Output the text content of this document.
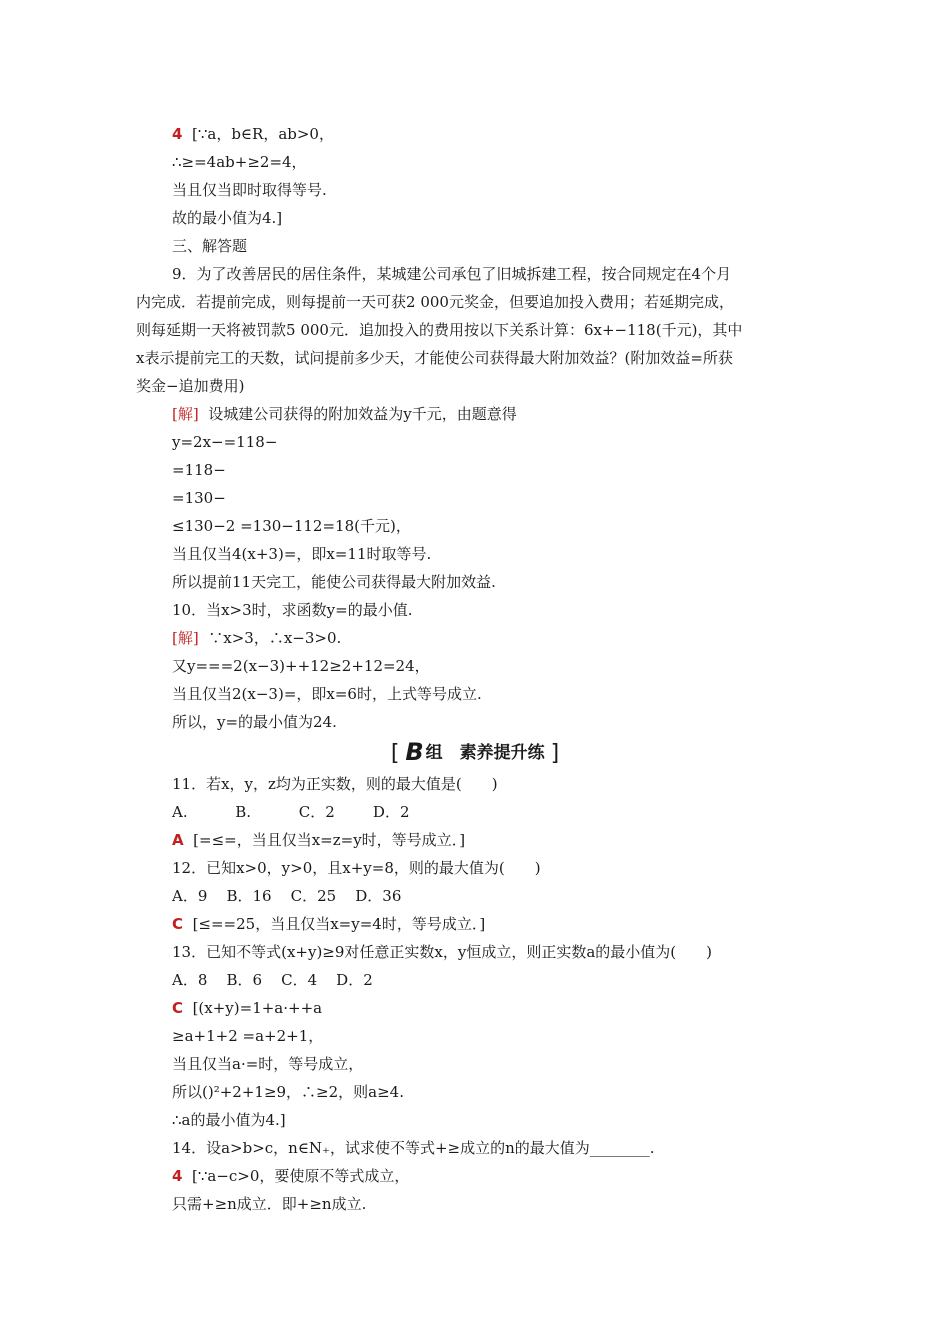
4 [∵a，b∈R，ab>0，
∴≥=4ab+≥2=4，
当且仅当即时取得等号.
故的最小值为4.]
三、解答题
9．为了改善居民的居住条件，某城建公司承包了旧城拆建工程，按合同规定在4个月
内完成．若提前完成，则每提前一天可获2 000元奖金，但要追加投入费用；若延期完成，
则每延期一天将被罚款5 000元．追加投入的费用按以下关系计算：6x+−118(千元)，其中
x表示提前完工的天数，试问提前多少天，才能使公司获得最大附加效益？(附加效益=所获
奖金−追加费用)
[解]  设城建公司获得的附加效益为y千元，由题意得
y=2x−=118−
=118−
=130−
≤130−2 =130−112=18(千元)，
当且仅当4(x+3)=，即x=11时取等号.
所以提前11天完工，能使公司获得最大附加效益.
10．当x>3时，求函数y=的最小值.
[解]  ∵x>3，∴x−3>0.
又y===2(x−3)++12≥2+12=24，
当且仅当2(x−3)=，即x=6时，上式等号成立.
所以，y=的最小值为24.
11．若x，y，z均为正实数，则的最大值是(　　)
A.          B.          C．2        D．2
A [=≤=，当且仅当x=z=y时，等号成立．]
12．已知x>0，y>0，且x+y=8，则的最大值为(　　)
A．9    B．16    C．25    D．36
C [≤==25，当且仅当x=y=4时，等号成立．]
13．已知不等式(x+y)≥9对任意正实数x，y恒成立，则正实数a的最小值为(　　)
A．8    B．6    C．4    D．2
C [(x+y)=1+a·++a
≥a+1+2 =a+2+1，
当且仅当a·=时，等号成立，
所以()²+2+1≥9，∴≥2，则a≥4.
∴a的最小值为4.]
14．设a>b>c，n∈N₊，试求使不等式+≥成立的n的最大值为________.
4 [∵a−c>0，要使原不等式成立，
只需+≥n成立．即+≥n成立.
[ B 组　素养提升练 ]
